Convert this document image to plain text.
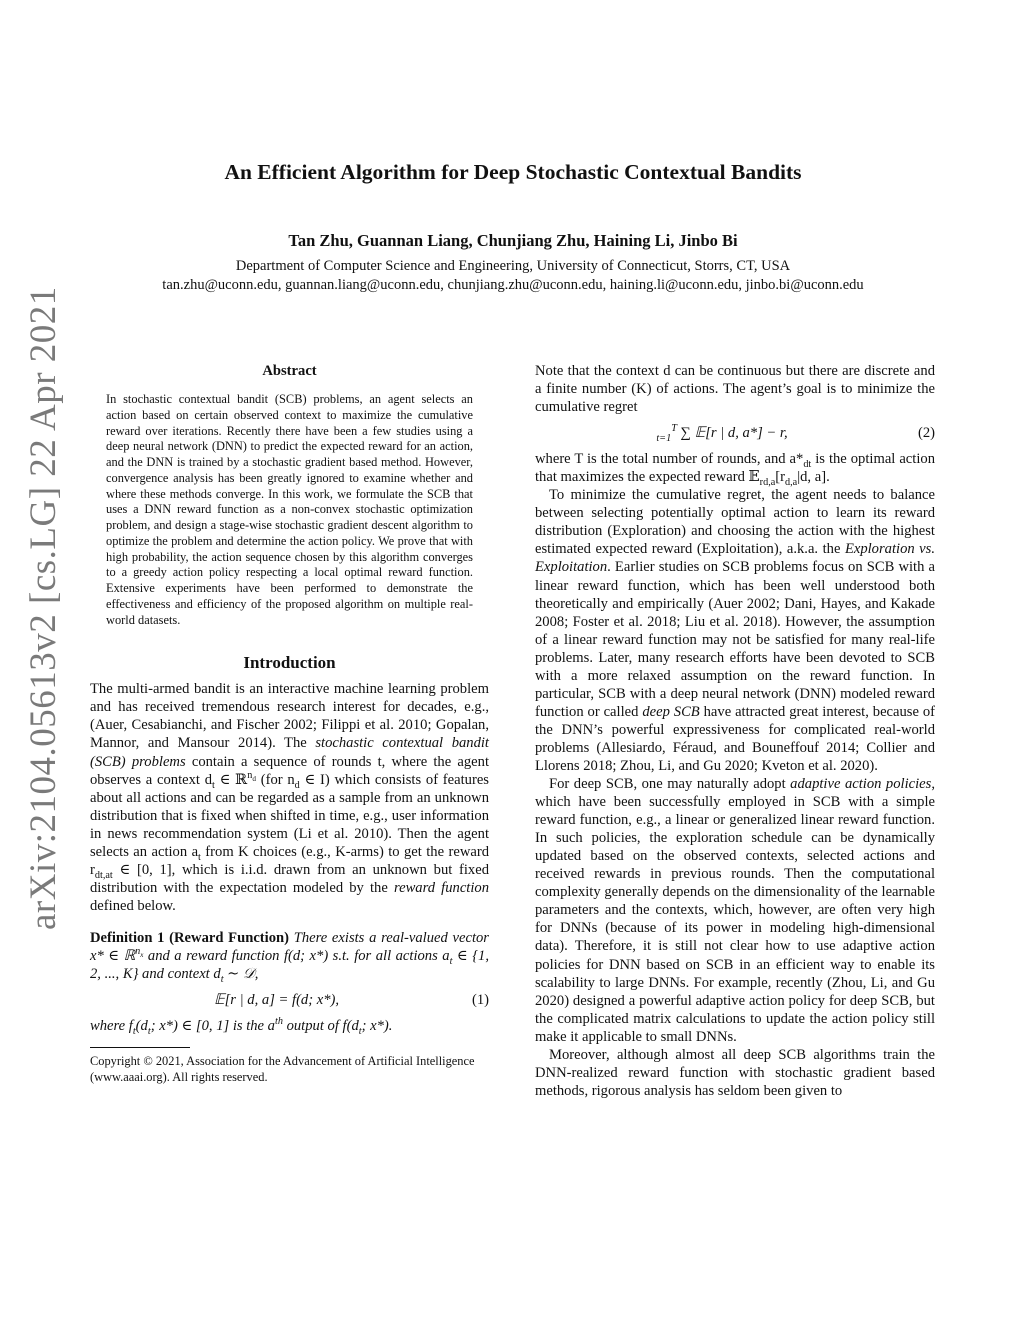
arXiv:2104.05613v2 [cs.LG] 22 Apr 2021
An Efficient Algorithm for Deep Stochastic Contextual Bandits
Tan Zhu, Guannan Liang, Chunjiang Zhu, Haining Li, Jinbo Bi
Department of Computer Science and Engineering, University of Connecticut, Storrs, CT, USA
tan.zhu@uconn.edu, guannan.liang@uconn.edu, chunjiang.zhu@uconn.edu, haining.li@uconn.edu, jinbo.bi@uconn.edu
Abstract
In stochastic contextual bandit (SCB) problems, an agent selects an action based on certain observed context to maximize the cumulative reward over iterations. Recently there have been a few studies using a deep neural network (DNN) to predict the expected reward for an action, and the DNN is trained by a stochastic gradient based method. However, convergence analysis has been greatly ignored to examine whether and where these methods converge. In this work, we formulate the SCB that uses a DNN reward function as a non-convex stochastic optimization problem, and design a stage-wise stochastic gradient descent algorithm to optimize the problem and determine the action policy. We prove that with high probability, the action sequence chosen by this algorithm converges to a greedy action policy respecting a local optimal reward function. Extensive experiments have been performed to demonstrate the effectiveness and efficiency of the proposed algorithm on multiple real-world datasets.
Introduction

The multi-armed bandit is an interactive machine learning problem and has received tremendous research interest for decades, e.g., (Auer, Cesabianchi, and Fischer 2002; Filippi et al. 2010; Gopalan, Mannor, and Mansour 2014). The stochastic contextual bandit (SCB) problems contain a sequence of rounds t, where the agent observes a context $d_t$ ∈ ℝ$^{n_d}$ (for $n_d$ ∈ I) which consists of features about all actions and can be regarded as a sample from an unknown distribution that is fixed when shifted in time, e.g., user information in news recommendation system (Li et al. 2010). Then the agent selects an action $a_t$ from K choices (e.g., K-arms) to get the reward $r_{dt,at}$ ∈ [0, 1], which is i.i.d. drawn from an unknown but fixed distribution with the expectation modeled by the reward function defined below.

Definition 1 (Reward Function) There exists a real-valued vector x* ∈ ℝ$^{n_x}$ and a reward function f(d; x*) s.t. for all actions $a_t$ ∈ {1, 2, ..., K} and context $d_t$ ∼ 𝒟,

𝔼[r | d, a] = f(d; x*),	(1)

where $f_t(d_t$; x*) ∈ [0, 1] is the $a^{th}$ output of $f(d_t$; x*).

Copyright © 2021, Association for the Advancement of Artificial Intelligence (www.aaai.org). All rights reserved.

Note that the context d can be continuous but there are discrete and a finite number (K) of actions. The agent’s goal is to minimize the cumulative regret

$_{t=1}^T$ ∑ 𝔼[r | d, a*] − r,	(2)

where T is the total number of rounds, and $a*_{dt}$ is the optimal action that maximizes the expected reward $𝔼_{rd,a}[r_{d,a}|d$, a].

To minimize the cumulative regret, the agent needs to balance between selecting potentially optimal action to learn its reward distribution (Exploration) and choosing the action with the highest estimated expected reward (Exploitation), a.k.a. the Exploration vs. Exploitation. Earlier studies on SCB problems focus on SCB with a linear reward function, which has been well understood both theoretically and empirically (Auer 2002; Dani, Hayes, and Kakade 2008; Foster et al. 2018; Liu et al. 2018). However, the assumption of a linear reward function may not be satisfied for many real-life problems. Later, many research efforts have been devoted to SCB with a more relaxed assumption on the reward function. In particular, SCB with a deep neural network (DNN) modeled reward function or called deep SCB have attracted great interest, because of the DNN’s powerful expressiveness for complicated real-world problems (Allesiardo, Féraud, and Bouneffouf 2014; Collier and Llorens 2018; Zhou, Li, and Gu 2020; Kveton et al. 2020).

For deep SCB, one may naturally adopt adaptive action policies, which have been successfully employed in SCB with a simple reward function, e.g., a linear or generalized linear reward function. In such policies, the exploration schedule can be dynamically updated based on the observed contexts, selected actions and received rewards in previous rounds. Then the computational complexity generally depends on the dimensionality of the learnable parameters and the contexts, which, however, are often very high for DNNs (because of its power in modeling high-dimensional data). Therefore, it is still not clear how to use adaptive action policies for DNN based on SCB in an efficient way to enable its scalability to large DNNs. For example, recently (Zhou, Li, and Gu 2020) designed a powerful adaptive action policy for deep SCB, but the complicated matrix calculations to update the action policy still make it applicable to small DNNs.

Moreover, although almost all deep SCB algorithms train the DNN-realized reward function with stochastic gradient based methods, rigorous analysis has seldom been given to
